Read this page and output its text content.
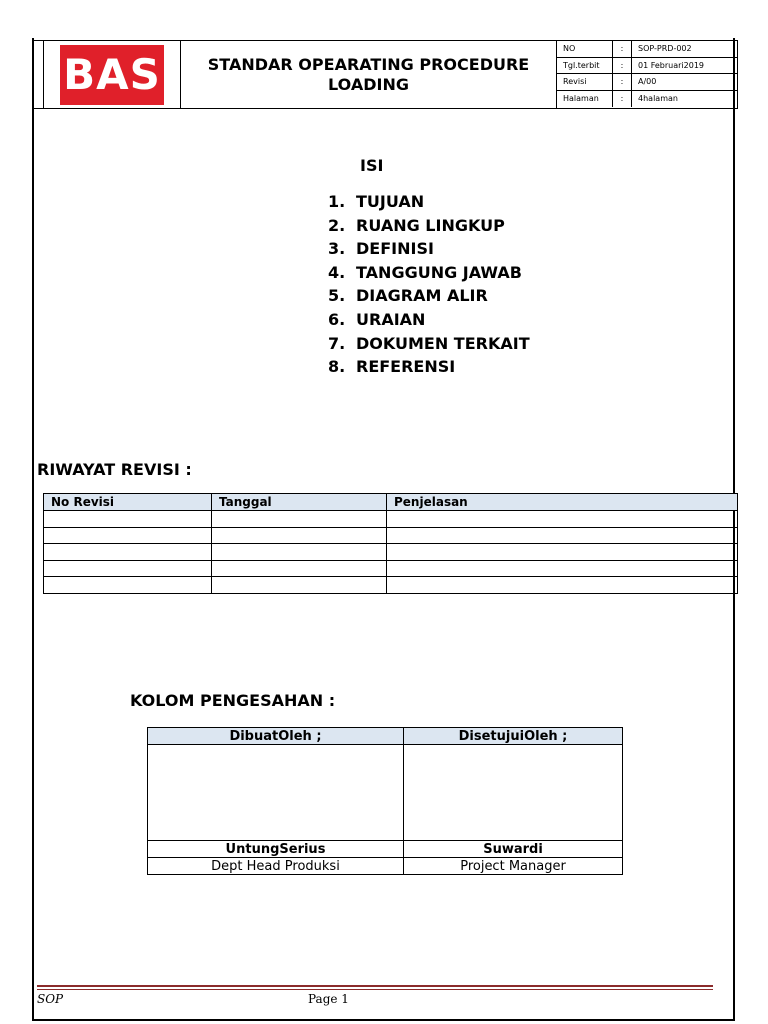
BAS	STANDAR OPEARATING PROCEDURE
LOADING
NO	:	SOP-PRD-002
Tgl.terbit	:	01 Februari2019
Revisi	:	A/00
Halaman	:	4halaman
ISI
1. TUJUAN
2. RUANG LINGKUP
3. DEFINISI
4. TANGGUNG JAWAB
5. DIAGRAM ALIR
6. URAIAN
7. DOKUMEN TERKAIT
8. REFERENSI
RIWAYAT REVISI :
No Revisi	Tanggal	Penjelasan

KOLOM PENGESAHAN :
DibuatOleh ;	DisetujuiOleh ;

UntungSerius	Suwardi
Dept Head Produksi	Project Manager
SOP	Page 1
